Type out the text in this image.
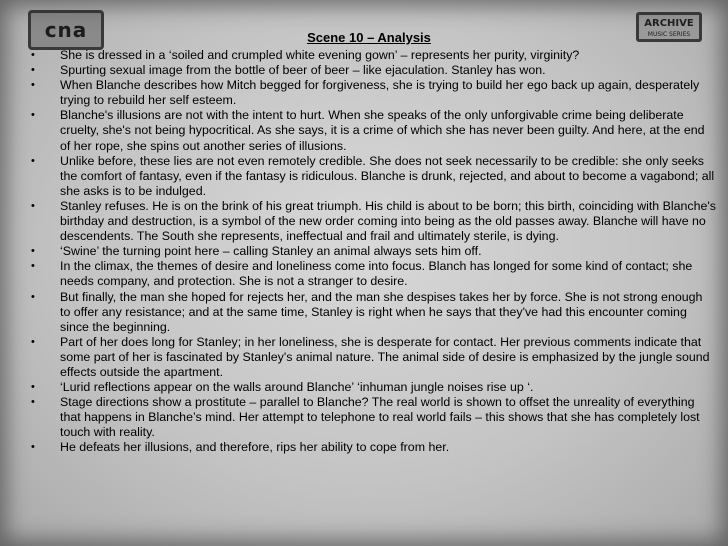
cna	ARCHIVE
MUSIC SERIES
Scene 10 – Analysis
• She is dressed in a ‘soiled and crumpled white evening gown’ – represents her purity, virginity?
• Spurting sexual image from the bottle of beer of beer – like ejaculation. Stanley has won.
• When Blanche describes how Mitch begged for forgiveness, she is trying to build her ego back up again, desperately trying to rebuild her self esteem.
• Blanche's illusions are not with the intent to hurt. When she speaks of the only unforgivable crime being deliberate cruelty, she's not being hypocritical. As she says, it is a crime of which she has never been guilty. And here, at the end of her rope, she spins out another series of illusions.
• Unlike before, these lies are not even remotely credible. She does not seek necessarily to be credible: she only seeks the comfort of fantasy, even if the fantasy is ridiculous. Blanche is drunk, rejected, and about to become a vagabond; all she asks is to be indulged.
• Stanley refuses. He is on the brink of his great triumph. His child is about to be born; this birth, coinciding with Blanche's birthday and destruction, is a symbol of the new order coming into being as the old passes away. Blanche will have no descendents. The South she represents, ineffectual and frail and ultimately sterile, is dying.
• ‘Swine’ the turning point here – calling Stanley an animal always sets him off.
• In the climax, the themes of desire and loneliness come into focus. Blanch has longed for some kind of contact; she needs company, and protection. She is not a stranger to desire.
• But finally, the man she hoped for rejects her, and the man she despises takes her by force. She is not strong enough to offer any resistance; and at the same time, Stanley is right when he says that they've had this encounter coming since the beginning.
• Part of her does long for Stanley; in her loneliness, she is desperate for contact. Her previous comments indicate that some part of her is fascinated by Stanley's animal nature. The animal side of desire is emphasized by the jungle sound effects outside the apartment.
• ‘Lurid reflections appear on the walls around Blanche’ ‘inhuman jungle noises rise up ‘.
• Stage directions show a prostitute – parallel to Blanche? The real world is shown to offset the unreality of everything that happens in Blanche’s mind. Her attempt to telephone to real world fails – this shows that she has completely lost touch with reality.
• He defeats her illusions, and therefore, rips her ability to cope from her.
